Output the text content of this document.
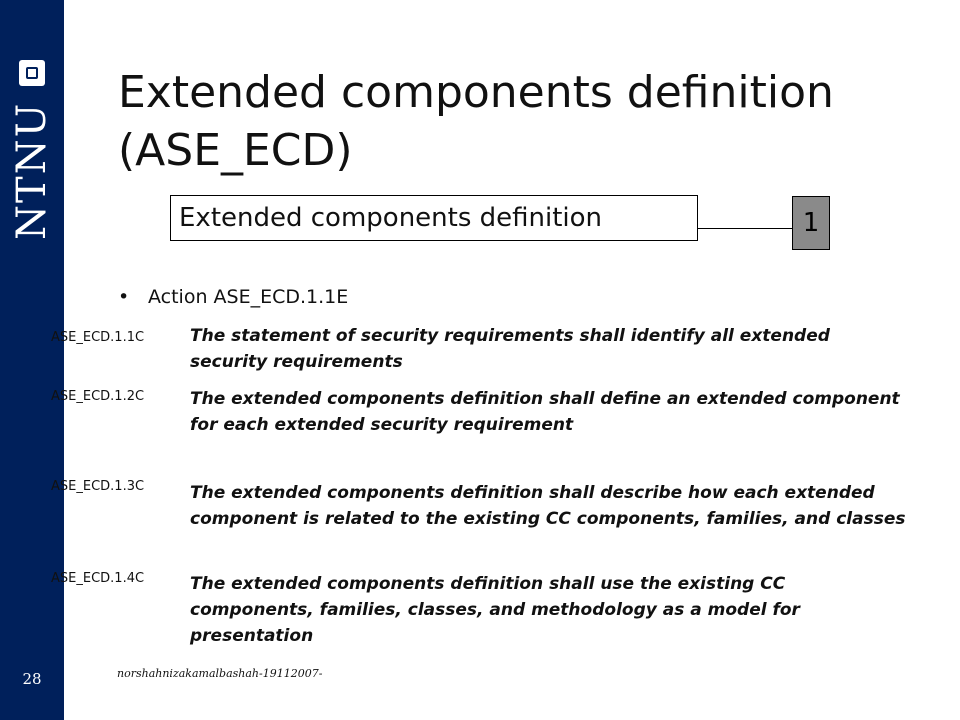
NTNU
28
Extended components definition (ASE_ECD)
Extended components definition	1
• Action ASE_ECD.1.1E
ASE_ECD.1.1C	The statement of security requirements shall identify all extended security requirements
ASE_ECD.1.2C	The extended components definition shall define an extended component for each extended security requirement
ASE_ECD.1.3C	The extended components definition shall describe how each extended component is related to the existing CC components, families, and classes
ASE_ECD.1.4C	The extended components definition shall use the existing CC components, families, classes, and methodology as a model for presentation
norshahnizakamalbashah-19112007-
